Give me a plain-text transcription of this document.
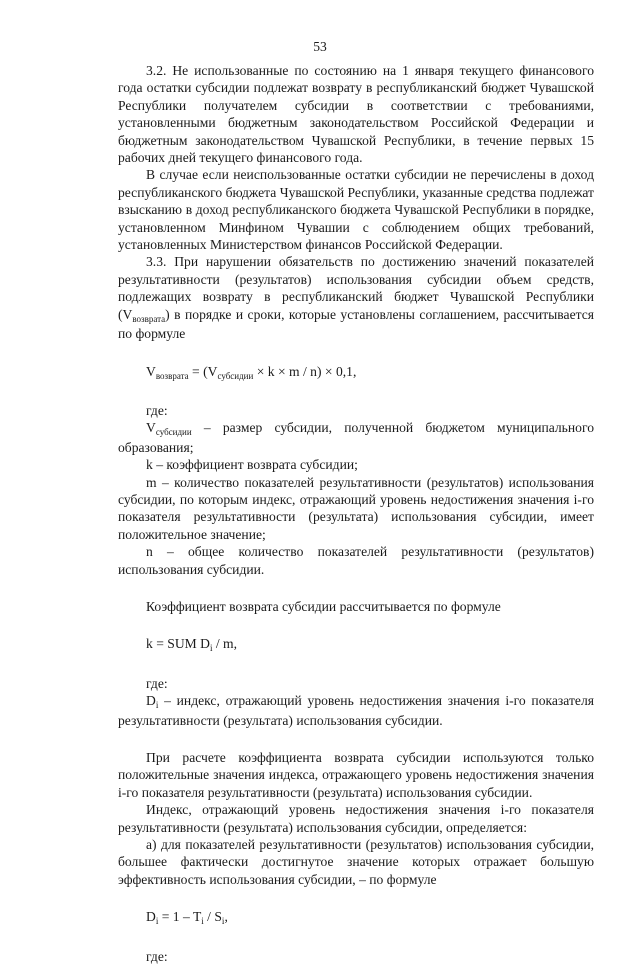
53

3.2. Не использованные по состоянию на 1 января текущего финансового года остатки субсидии подлежат возврату в республиканский бюджет Чувашской Республики получателем субсидии в соответствии с требованиями, установленными бюджетным законодательством Российской Федерации и бюджетным законодательством Чувашской Республики, в течение первых 15 рабочих дней текущего финансового года.

В случае если неиспользованные остатки субсидии не перечислены в доход республиканского бюджета Чувашской Республики, указанные средства подлежат взысканию в доход республиканского бюджета Чувашской Республики в порядке, установленном Минфином Чувашии с соблюдением общих требований, установленных Министерством финансов Российской Федерации.

3.3. При нарушении обязательств по достижению значений показателей результативности (результатов) использования субсидии объем средств, подлежащих возврату в республиканский бюджет Чувашской Республики $(V_{возврата})$ в порядке и сроки, которые установлены соглашением, рассчитывается по формуле

$V_{возврата} = (V_{субсидии} \times k \times m / n) \times 0,1$,

где:

$V_{субсидии}$ – размер субсидии, полученной бюджетом муниципального образования;

k – коэффициент возврата субсидии;

m – количество показателей результативности (результатов) использования субсидии, по которым индекс, отражающий уровень недостижения значения i-го показателя результативности (результата) использования субсидии, имеет положительное значение;

n – общее количество показателей результативности (результатов) использования субсидии.

Коэффициент возврата субсидии рассчитывается по формуле

k = SUM $D_i$ / m,

где:

$D_i$ – индекс, отражающий уровень недостижения значения i-го показателя результативности (результата) использования субсидии.

При расчете коэффициента возврата субсидии используются только положительные значения индекса, отражающего уровень недостижения значения i-го показателя результативности (результата) использования субсидии.

Индекс, отражающий уровень недостижения значения i-го показателя результативности (результата) использования субсидии, определяется:

а) для показателей результативности (результатов) использования субсидии, большее фактически достигнутое значение которых отражает большую эффективность использования субсидии, – по формуле

$D_i = 1 - T_i / S_i$,

где:
